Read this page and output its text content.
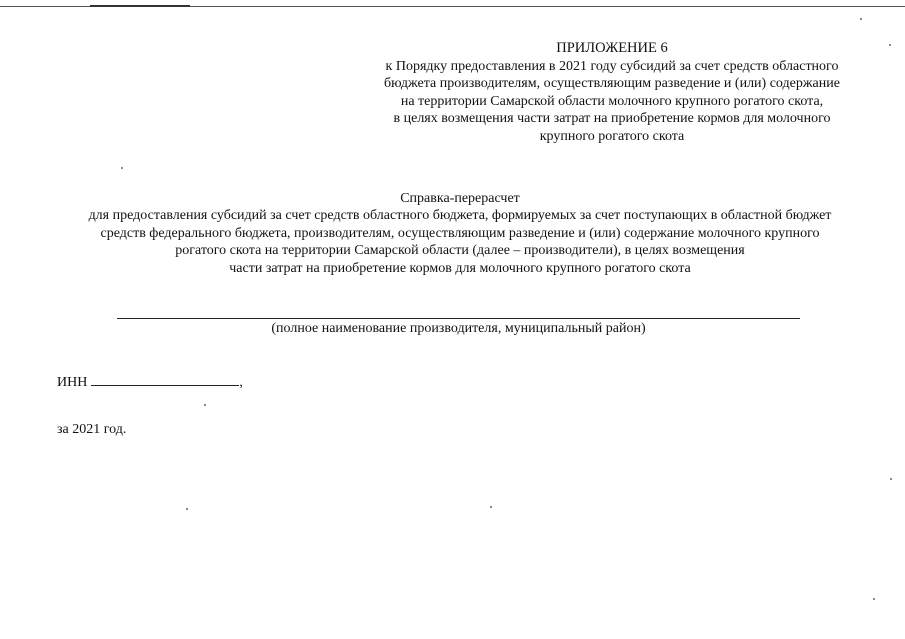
ПРИЛОЖЕНИЕ 6
к Порядку предоставления в 2021 году субсидий за счет средств областного
бюджета производителям, осуществляющим разведение и (или) содержание
на территории Самарской области молочного крупного рогатого скота,
в целях возмещения части затрат на приобретение кормов для молочного
крупного рогатого скота
Справка-перерасчет
для предоставления субсидий за счет средств областного бюджета, формируемых за счет поступающих в областной бюджет
средств федерального бюджета, производителям, осуществляющим разведение и (или) содержание молочного крупного
рогатого скота на территории Самарской области (далее – производители), в целях возмещения
части затрат на приобретение кормов для молочного крупного рогатого скота
(полное наименование производителя, муниципальный район)
ИНН	,
за 2021 год.
